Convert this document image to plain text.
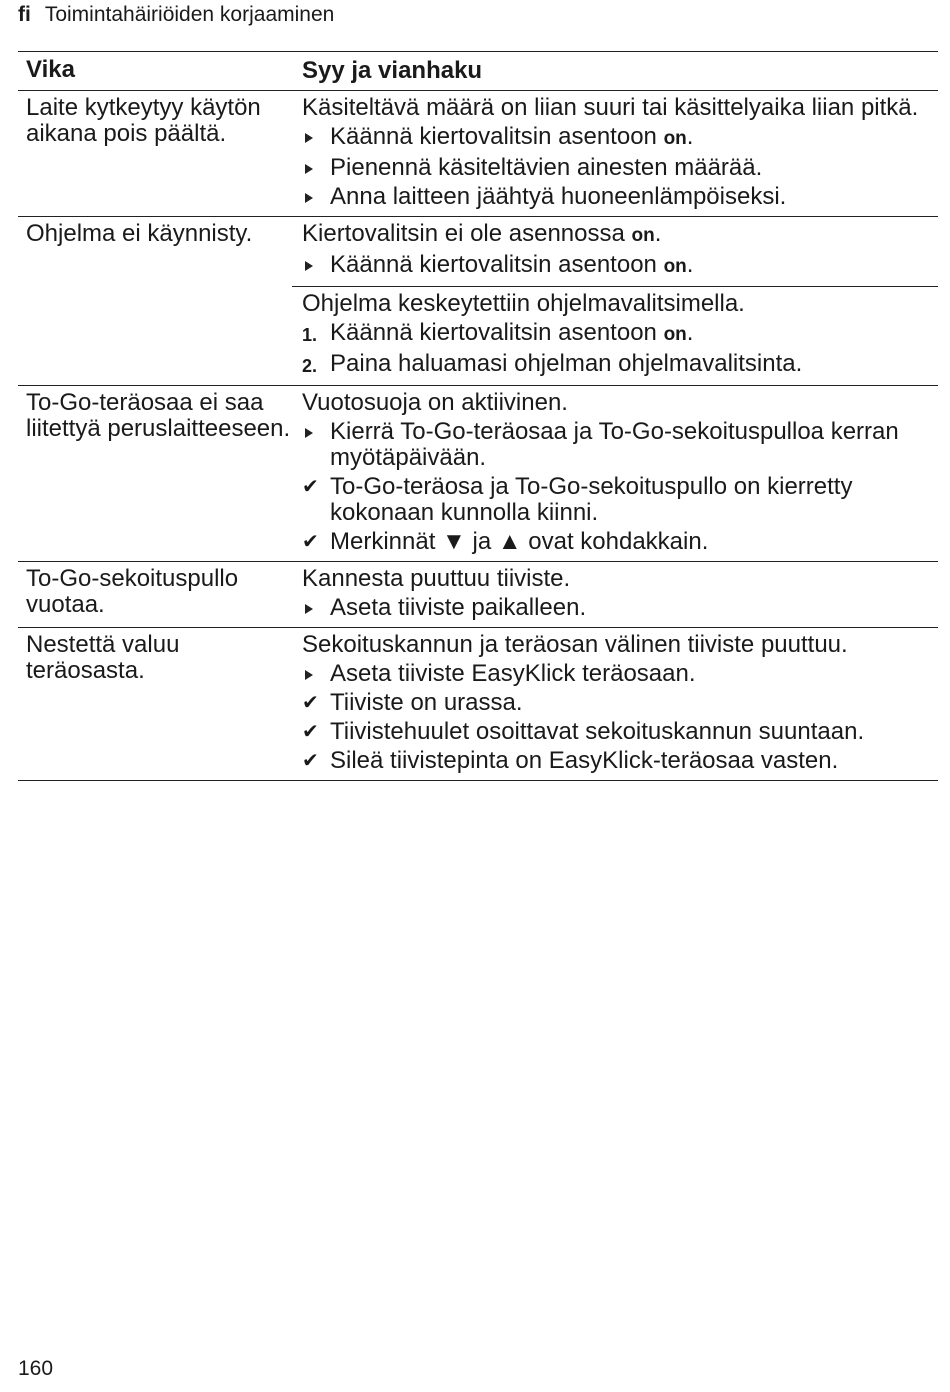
fi Toimintahäiriöiden korjaaminen
Vika	Syy ja vianhaku
Laite kytkeytyy käytön aikana pois päältä.
Käsiteltävä määrä on liian suuri tai käsittelyaika liian pitkä.
Käännä kiertovalitsin asentoon on.
Pienennä käsiteltävien ainesten määrää.
Anna laitteen jäähtyä huoneenlämpöiseksi.
Ohjelma ei käynnisty.	Kiertovalitsin ei ole asennossa on.
Käännä kiertovalitsin asentoon on.
Ohjelma keskeytettiin ohjelmavalitsimella.
1. Käännä kiertovalitsin asentoon on.
2. Paina haluamasi ohjelman ohjelmavalitsinta.
To-Go-teräosaa ei saa liitettyä peruslaitteeseen.
Vuotosuoja on aktiivinen.
Kierrä To-Go-teräosaa ja To-Go-sekoituspulloa kerran myötäpäivään.
✔ To-Go-teräosa ja To-Go-sekoituspullo on kierretty kokonaan kunnolla kiinni.
✔ Merkinnät ▼ ja ▲ ovat kohdakkain.
To-Go-sekoituspullo vuotaa.
Kannesta puuttuu tiiviste.
Aseta tiiviste paikalleen.
Nestettä valuu teräosasta.
Sekoituskannun ja teräosan välinen tiiviste puuttuu.
Aseta tiiviste EasyKlick teräosaan.
✔ Tiiviste on urassa.
✔ Tiivistehuulet osoittavat sekoituskannun suuntaan.
✔ Sileä tiivistepinta on EasyKlick-teräosaa vasten.
160
